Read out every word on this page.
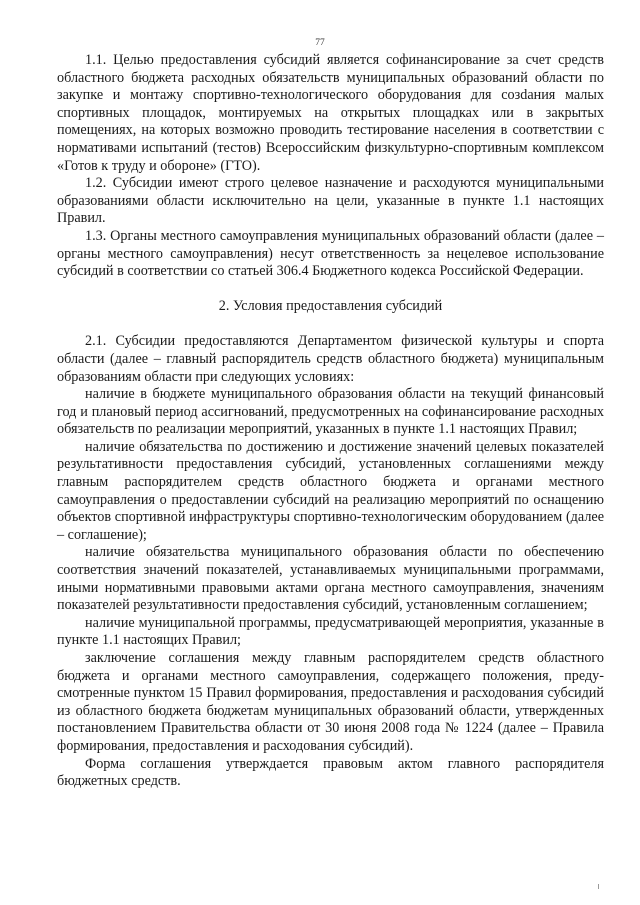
77

1.1. Целью предоставления субсидий является софинансирование за счет средств областного бюджета расходных обязательств муниципальных образований области по закупке и монтажу спортивно-технологического оборудования для созdания малых спортивных площадок, монтируемых на открытых площадках или в закрытых помещениях, на которых возможно проводить тестирование населения в соответствии с нормативами испытаний (тестов) Всероссийским физкультурно-спортивным комплексом «Готов к труду и обороне» (ГТО).

1.2. Субсидии имеют строго целевое назначение и расходуются муниципальными образованиями области исключительно на цели, указанные в пункте 1.1 настоящих Правил.

1.3. Органы местного самоуправления муниципальных образований области (далее – органы местного самоуправления) несут ответственность за нецелевое использование субсидий в соответствии со статьей 306.4 Бюджетного кодекса Российской Федерации.

2. Условия предоставления субсидий

2.1. Субсидии предоставляются Департаментом физической культуры и спорта области (далее – главный распорядитель средств областного бюджета) муниципальным образованиям области при следующих условиях:

наличие в бюджете муниципального образования области на текущий финансовый год и плановый период ассигнований, предусмотренных на софинансирование расходных обязательств по реализации мероприятий, указанных в пункте 1.1 настоящих Правил;

наличие обязательства по достижению и достижение значений целевых показателей результативности предоставления субсидий, установленных соглашениями между главным распорядителем средств областного бюджета и органами местного самоуправления о предоставлении субсидий на реализацию мероприятий по оснащению объектов спортивной инфраструктуры спортивно-технологическим оборудованием (далее – соглашение);

наличие обязательства муниципального образования области по обеспечению соответствия значений показателей, устанавливаемых муниципальными программами, иными нормативными правовыми актами органа местного самоуправления, значениям показателей результативности предоставления субсидий, установленным соглашением;

наличие муниципальной программы, предусматривающей мероприятия, указанные в пункте 1.1 настоящих Правил;

заключение соглашения между главным распорядителем средств областного бюджета и органами местного самоуправления, содержащего положения, предусмотренные пунктом 15 Правил формирования, предоставления и расходования субсидий из областного бюджета бюджетам муниципальных образований области, утвержденных постановлением Правительства области от 30 июня 2008 года № 1224 (далее – Правила формирования, предоставления и расходования субсидий).

Форма соглашения утверждается правовым актом главного распорядителя бюджетных средств.
